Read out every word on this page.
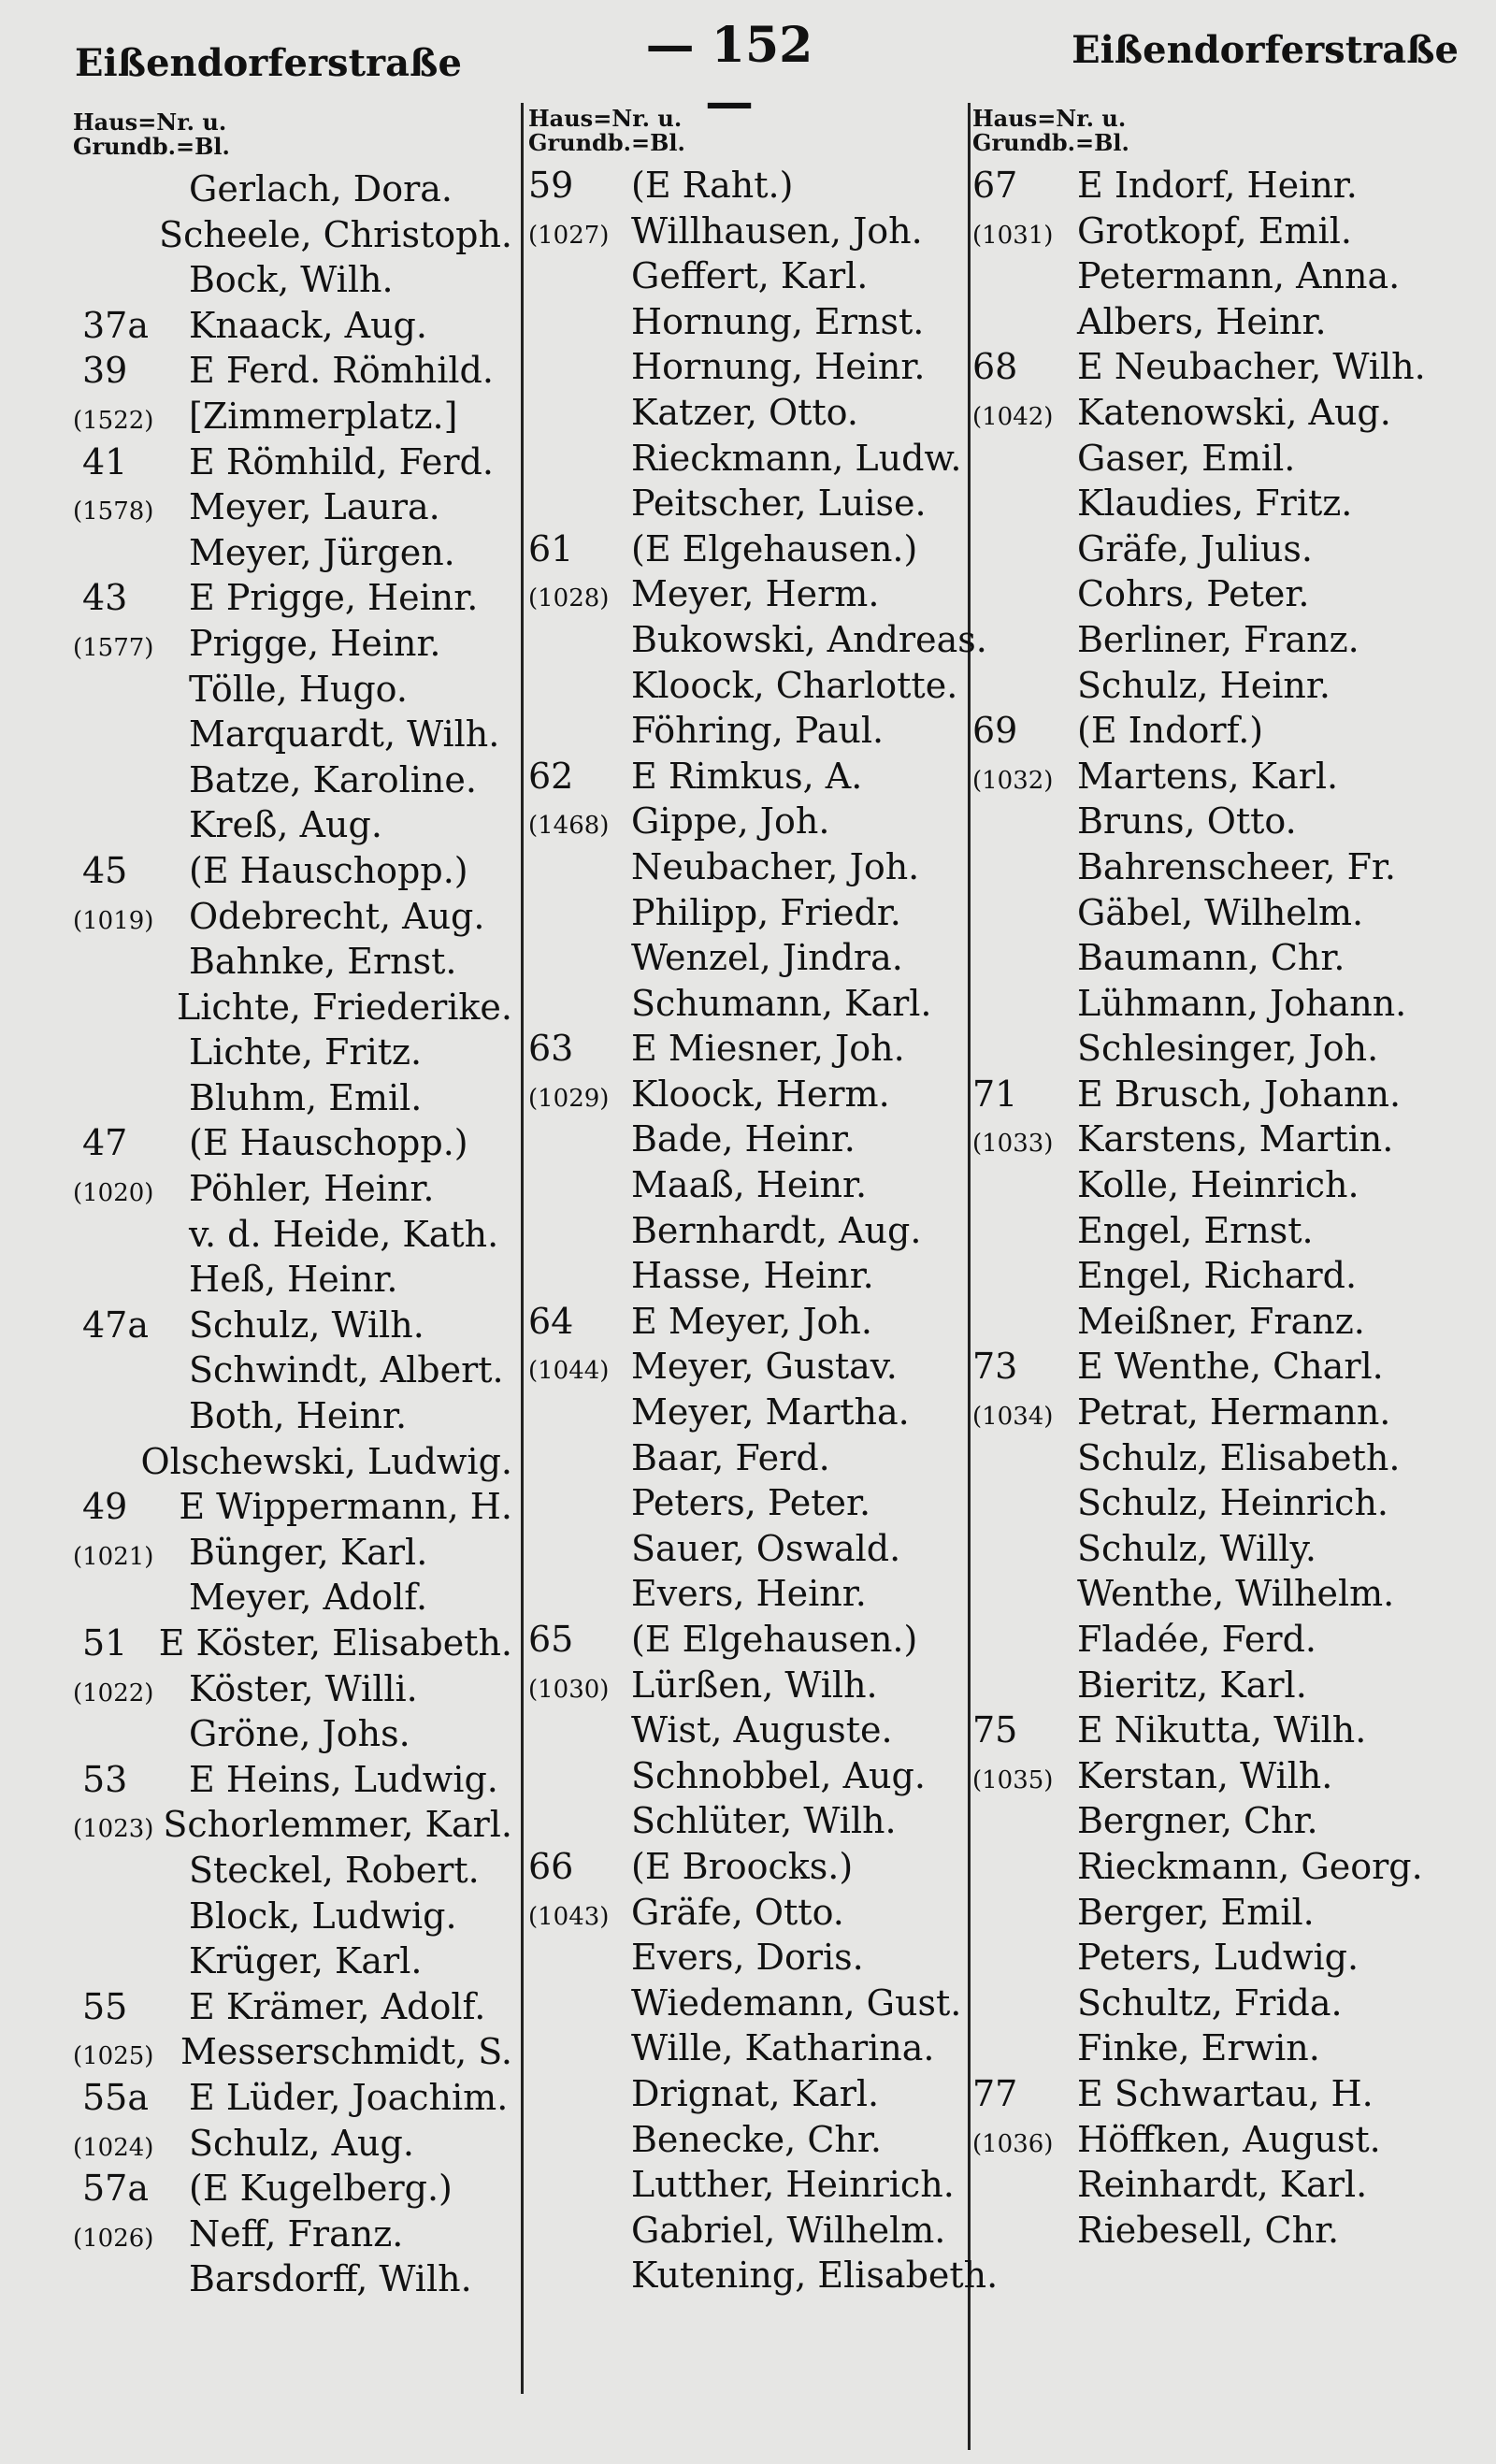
Eißendorferstraße	— 152 —
Eißendorferstraße
Haus=Nr. u.
Grundb.=Bl.
Gerlach, Dora.
Scheele, Christoph.
Bock, Wilh.
37a	Knaack, Aug.
39	E Ferd. Römhild.
(1522) [Zimmerplatz.]
41	E Römhild, Ferd.
(1578) Meyer, Laura.
Meyer, Jürgen.
43	E Prigge, Heinr.
(1577) Prigge, Heinr.
Tölle, Hugo.
Marquardt, Wilh.
Batze, Karoline.
Kreß, Aug.
45	(E Hauschopp.)
(1019) Odebrecht, Aug.
Bahnke, Ernst.
Lichte, Friederike.
Lichte, Fritz.
Bluhm, Emil.
47	(E Hauschopp.)
(1020) Pöhler, Heinr.
v. d. Heide, Kath.
Heß, Heinr.
47a	Schulz, Wilh.
Schwindt, Albert.
Both, Heinr.
Olschewski, Ludwig.
49	E Wippermann, H.
(1021) Bünger, Karl.
Meyer, Adolf.
51 E Köster, Elisabeth.
(1022) Köster, Willi.
Gröne, Johs.
53	E Heins, Ludwig.
(1023) Schorlemmer, Karl.
Steckel, Robert.
Block, Ludwig.
Krüger, Karl.
55	E Krämer, Adolf.
(1025) Messerschmidt, S.
55a	E Lüder, Joachim.
(1024) Schulz, Aug.
57a	(E Kugelberg.)
(1026) Neff, Franz.
Barsdorff, Wilh.
Haus=Nr. u.
Grundb.=Bl.
59	(E Raht.)
(1027) Willhausen, Joh.
Geffert, Karl.
Hornung, Ernst.
Hornung, Heinr.
Katzer, Otto.
Rieckmann, Ludw.
Peitscher, Luise.
61	(E Elgehausen.)
(1028) Meyer, Herm.
Bukowski, Andreas.
Kloock, Charlotte.
Föhring, Paul.
62	E Rimkus, A.
(1468) Gippe, Joh.
Neubacher, Joh.
Philipp, Friedr.
Wenzel, Jindra.
Schumann, Karl.
63	E Miesner, Joh.
(1029) Kloock, Herm.
Bade, Heinr.
Maaß, Heinr.
Bernhardt, Aug.
Hasse, Heinr.
64	E Meyer, Joh.
(1044) Meyer, Gustav.
Meyer, Martha.
Baar, Ferd.
Peters, Peter.
Sauer, Oswald.
Evers, Heinr.
65	(E Elgehausen.)
(1030) Lürßen, Wilh.
Wist, Auguste.
Schnobbel, Aug.
Schlüter, Wilh.
66	(E Broocks.)
(1043) Gräfe, Otto.
Evers, Doris.
Wiedemann, Gust.
Wille, Katharina.
Drignat, Karl.
Benecke, Chr.
Lutther, Heinrich.
Gabriel, Wilhelm.
Kutening, Elisabeth.
Haus=Nr. u.
Grundb.=Bl.
67	E Indorf, Heinr.
(1031) Grotkopf, Emil.
Petermann, Anna.
Albers, Heinr.
68	E Neubacher, Wilh.
(1042) Katenowski, Aug.
Gaser, Emil.
Klaudies, Fritz.
Gräfe, Julius.
Cohrs, Peter.
Berliner, Franz.
Schulz, Heinr.
69	(E Indorf.)
(1032) Martens, Karl.
Bruns, Otto.
Bahrenscheer, Fr.
Gäbel, Wilhelm.
Baumann, Chr.
Lühmann, Johann.
Schlesinger, Joh.
71	E Brusch, Johann.
(1033) Karstens, Martin.
Kolle, Heinrich.
Engel, Ernst.
Engel, Richard.
Meißner, Franz.
73	E Wenthe, Charl.
(1034) Petrat, Hermann.
Schulz, Elisabeth.
Schulz, Heinrich.
Schulz, Willy.
Wenthe, Wilhelm.
Fladée, Ferd.
Bieritz, Karl.
75	E Nikutta, Wilh.
(1035) Kerstan, Wilh.
Bergner, Chr.
Rieckmann, Georg.
Berger, Emil.
Peters, Ludwig.
Schultz, Frida.
Finke, Erwin.
77	E Schwartau, H.
(1036) Höffken, August.
Reinhardt, Karl.
Riebesell, Chr.
